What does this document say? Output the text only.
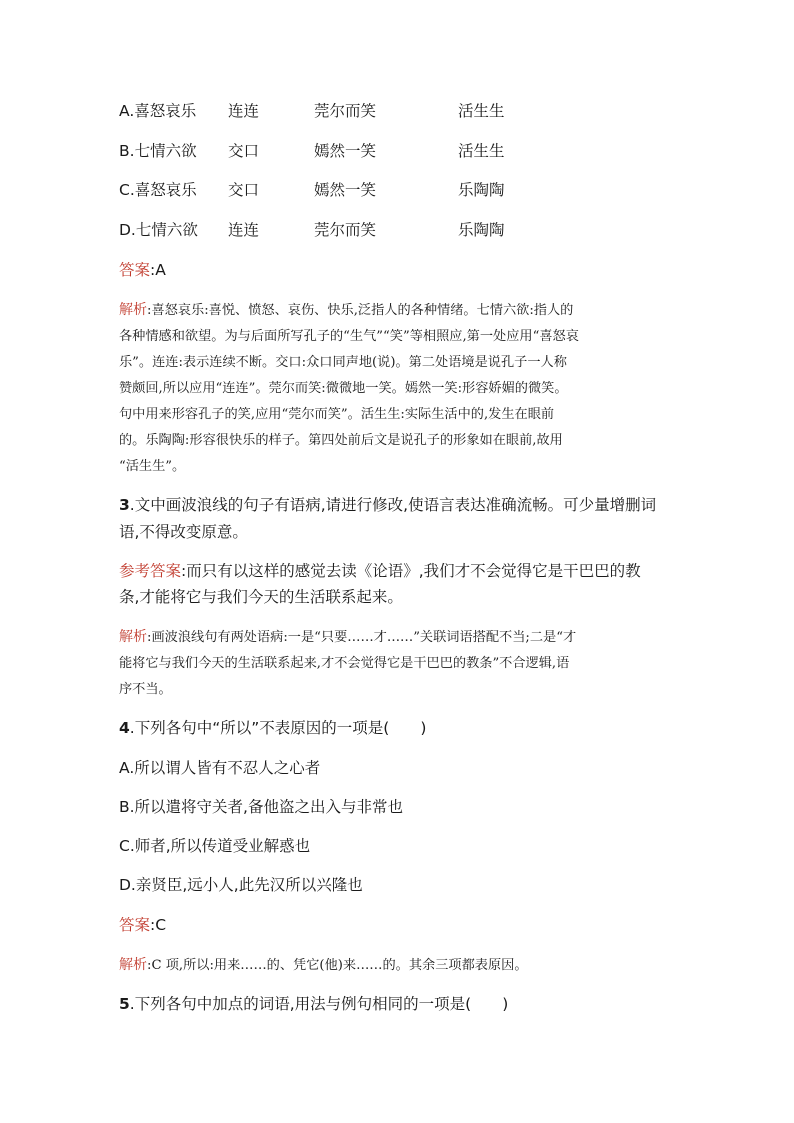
A.喜怒哀乐 连连	莞尔而笑	活生生
B.七情六欲 交口	嫣然一笑	活生生
C.喜怒哀乐 交口	嫣然一笑	乐陶陶
D.七情六欲 连连	莞尔而笑	乐陶陶
答案:A
解析:喜怒哀乐:喜悦、愤怒、哀伤、快乐,泛指人的各种情绪。七情六欲:指人的
各种情感和欲望。为与后面所写孔子的“生气”“笑”等相照应,第一处应用“喜怒哀
乐”。连连:表示连续不断。交口:众口同声地(说)。第二处语境是说孔子一人称
赞颇回,所以应用“连连”。莞尔而笑:微微地一笑。嫣然一笑:形容娇媚的微笑。
句中用来形容孔子的笑,应用“莞尔而笑”。活生生:实际生活中的,发生在眼前
的。乐陶陶:形容很快乐的样子。第四处前后文是说孔子的形象如在眼前,故用
“活生生”。
3.文中画波浪线的句子有语病,请进行修改,使语言表达准确流畅。可少量增删词
语,不得改变原意。
参考答案:而只有以这样的感觉去读《论语》,我们才不会觉得它是干巴巴的教
条,才能将它与我们今天的生活联系起来。
解析:画波浪线句有两处语病:一是“只要……才……”关联词语搭配不当;二是“才
能将它与我们今天的生活联系起来,才不会觉得它是干巴巴的教条”不合逻辑,语
序不当。
4.下列各句中“所以”不表原因的一项是(　　)
A.所以谓人皆有不忍人之心者
B.所以遣将守关者,备他盗之出入与非常也
C.师者,所以传道受业解惑也
D.亲贤臣,远小人,此先汉所以兴隆也
答案:C
解析:C 项,所以:用来……的、凭它(他)来……的。其余三项都表原因。
5.下列各句中加点的词语,用法与例句相同的一项是(　　)
